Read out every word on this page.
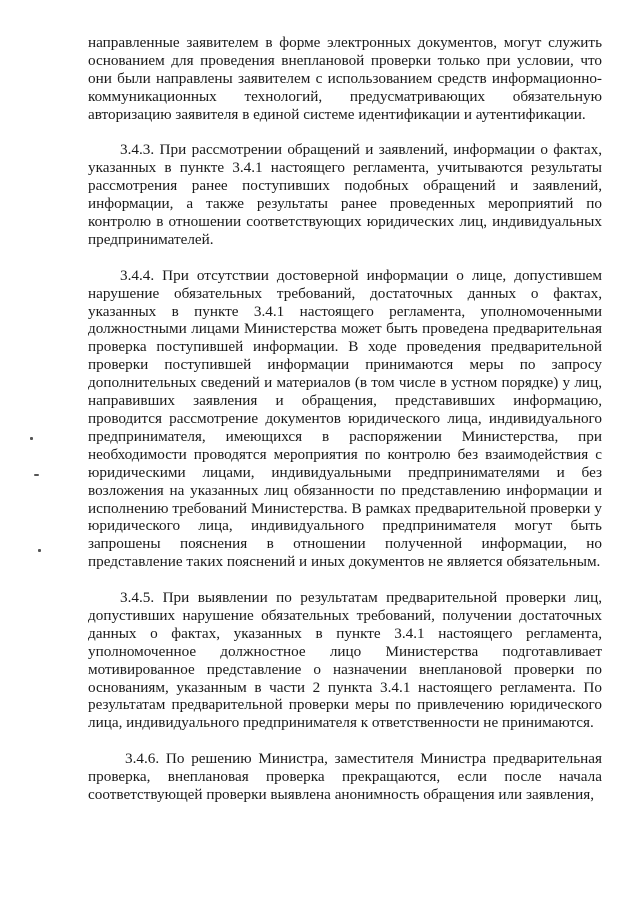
направленные заявителем в форме электронных документов, могут служить основанием для проведения внеплановой проверки только при условии, что они были направлены заявителем с использованием средств информационно-коммуникационных технологий, предусматривающих обязательную авторизацию заявителя в единой системе идентификации и аутентификации.

3.4.3. При рассмотрении обращений и заявлений, информации о фактах, указанных в пункте 3.4.1 настоящего регламента, учитываются результаты рассмотрения ранее поступивших подобных обращений и заявлений, информации, а также результаты ранее проведенных мероприятий по контролю в отношении соответствующих юридических лиц, индивидуальных предпринимателей.

3.4.4. При отсутствии достоверной информации о лице, допустившем нарушение обязательных требований, достаточных данных о фактах, указанных в пункте 3.4.1 настоящего регламента, уполномоченными должностными лицами Министерства может быть проведена предварительная проверка поступившей информации. В ходе проведения предварительной проверки поступившей информации принимаются меры по запросу дополнительных сведений и материалов (в том числе в устном порядке) у лиц, направивших заявления и обращения, представивших информацию, проводится рассмотрение документов юридического лица, индивидуального предпринимателя, имеющихся в распоряжении Министерства, при необходимости проводятся мероприятия по контролю без взаимодействия с юридическими лицами, индивидуальными предпринимателями и без возложения на указанных лиц обязанности по представлению информации и исполнению требований Министерства. В рамках предварительной проверки у юридического лица, индивидуального предпринимателя могут быть запрошены пояснения в отношении полученной информации, но представление таких пояснений и иных документов не является обязательным.

3.4.5. При выявлении по результатам предварительной проверки лиц, допустивших нарушение обязательных требований, получении достаточных данных о фактах, указанных в пункте 3.4.1 настоящего регламента, уполномоченное должностное лицо Министерства подготавливает мотивированное представление о назначении внеплановой проверки по основаниям, указанным в части 2 пункта 3.4.1 настоящего регламента. По результатам предварительной проверки меры по привлечению юридического лица, индивидуального предпринимателя к ответственности не принимаются.

3.4.6. По решению Министра, заместителя Министра предварительная проверка, внеплановая проверка прекращаются, если после начала соответствующей проверки выявлена анонимность обращения или заявления,
